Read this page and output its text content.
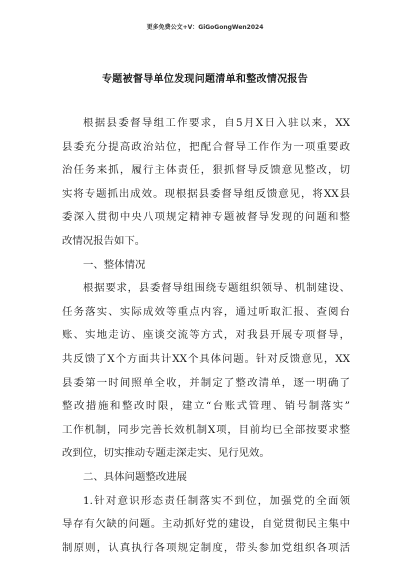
更多免费公文+V：GiGoGongWen2024
专题被督导单位发现问题清单和整改情况报告
根据县委督导组工作要求，自5月X日入驻以来，XX
县委充分提高政治站位，把配合督导工作作为一项重要政
治任务来抓，履行主体责任，狠抓督导反馈意见整改，切
实将专题抓出成效。现根据县委督导组反馈意见，将XX县
委深入贯彻中央八项规定精神专题被督导发现的问题和整
改情况报告如下。
一、整体情况
根据要求，县委督导组围绕专题组织领导、机制建设、
任务落实、实际成效等重点内容，通过听取汇报、查阅台
账、实地走访、座谈交流等方式，对我县开展专项督导，
共反馈了X个方面共计XX个具体问题。针对反馈意见，XX
县委第一时间照单全收，并制定了整改清单，逐一明确了
整改措施和整改时限，建立“台账式管理、销号制落实”
工作机制，同步完善长效机制X项，目前均已全部按要求整
改到位，切实推动专题走深走实、见行见效。
二、具体问题整改进展
1.针对意识形态责任制落实不到位，加强党的全面领
导存有欠缺的问题。主动抓好党的建设，自觉贯彻民主集中
制原则，认真执行各项规定制度，带头参加党组织各项活
